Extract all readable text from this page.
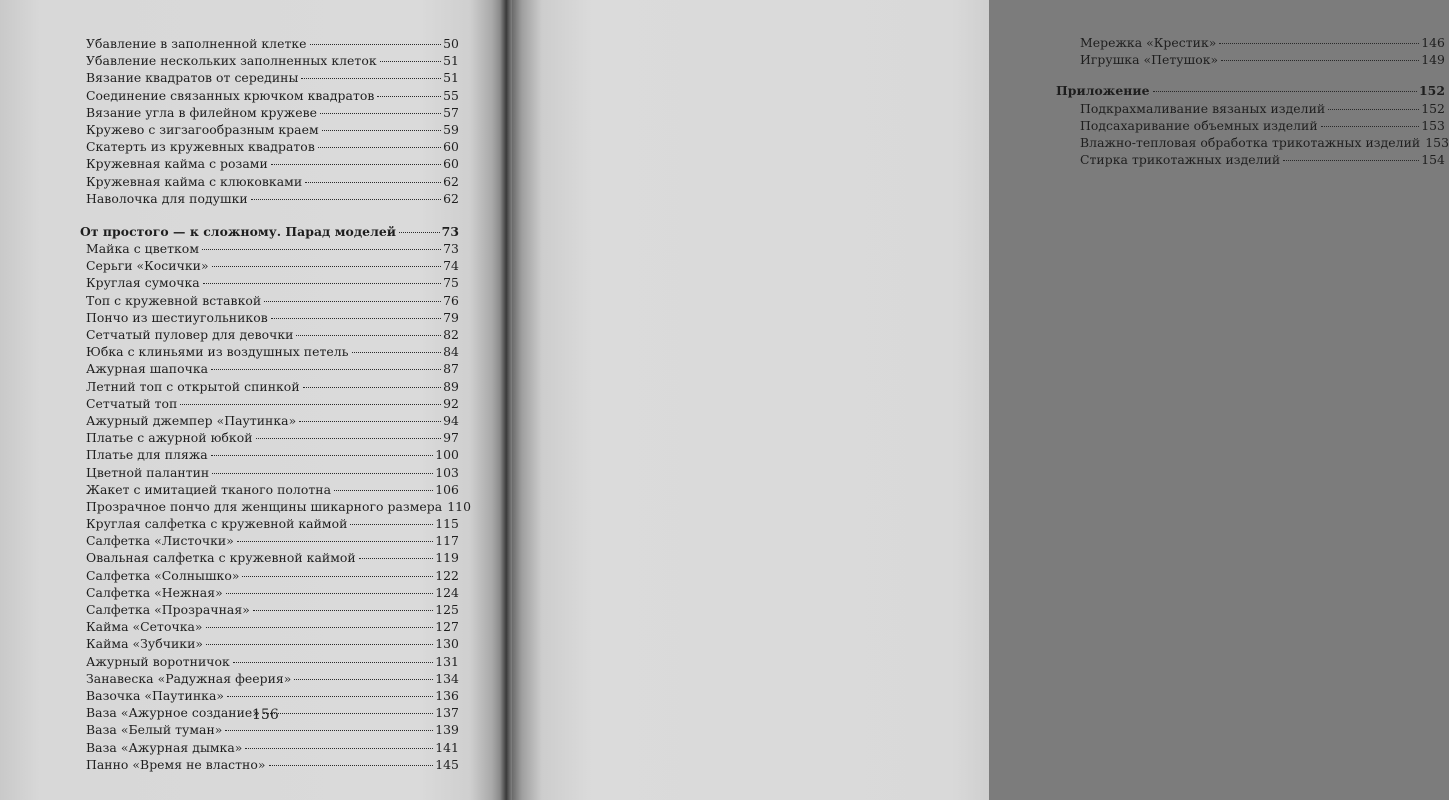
Убавление в заполненной клетке	50
Убавление нескольких заполненных клеток	51
Вязание квадратов от середины	51
Соединение связанных крючком квадратов	55
Вязание угла в филейном кружеве	57
Кружево с зигзагообразным краем	59
Скатерть из кружевных квадратов	60
Кружевная кайма с розами	60
Кружевная кайма с клюковками	62
Наволочка для подушки	62
От простого — к сложному. Парад моделей	73
Майка с цветком	73
Серьги «Косички»	74
Круглая сумочка	75
Топ с кружевной вставкой	76
Пончо из шестиугольников	79
Сетчатый пуловер для девочки	82
Юбка с клиньями из воздушных петель	84
Ажурная шапочка	87
Летний топ с открытой спинкой	89
Сетчатый топ	92
Ажурный джемпер «Паутинка»	94
Платье с ажурной юбкой	97
Платье для пляжа	100
Цветной палантин	103
Жакет с имитацией тканого полотна	106
Прозрачное пончо для женщины шикарного размера 110
Круглая салфетка с кружевной каймой	115
Салфетка «Листочки»	117
Овальная салфетка с кружевной каймой	119
Салфетка «Солнышко»	122
Салфетка «Нежная»	124
Салфетка «Прозрачная»	125
Кайма «Сеточка»	127
Кайма «Зубчики»	130
Ажурный воротничок	131
Занавеска «Радужная феерия»	134
Вазочка «Паутинка»	136
Ваза «Ажурное создание»	137
Ваза «Белый туман»	139
Ваза «Ажурная дымка»	141
Панно «Время не властно»	145
156
Мережка «Крестик»	146
Игрушка «Петушок»	149
Приложение	152
Подкрахмаливание вязаных изделий	152
Подсахаривание объемных изделий	153
Влажно-тепловая обработка трикотажных изделий 153
Стирка трикотажных изделий	154
